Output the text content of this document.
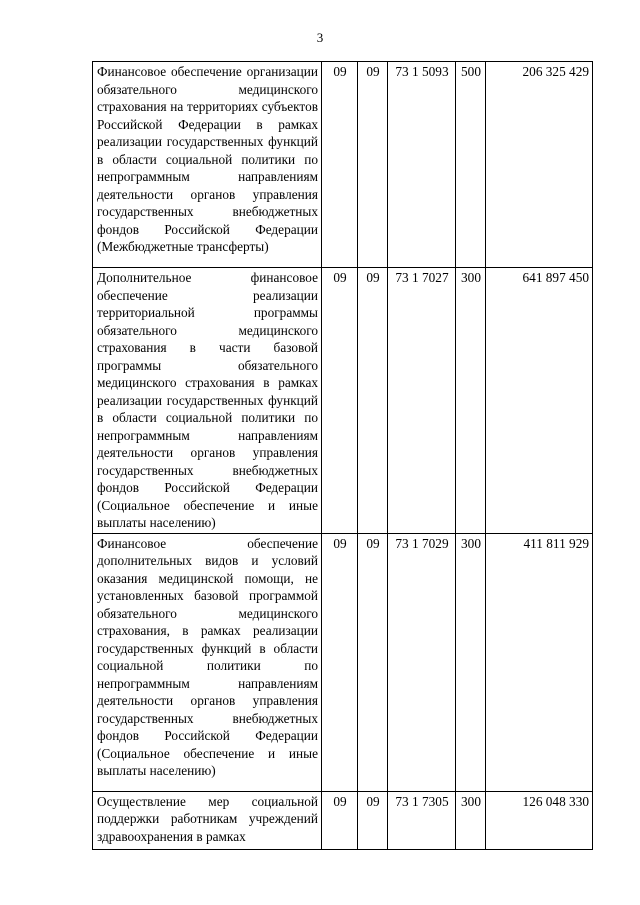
3
Финансовое обеспечение организации обязательного медицинского страхования на территориях субъектов Российской Федерации в рамках реализации государственных функций в области социальной политики по непрограммным направлениям деятельности органов управления государственных внебюджетных фондов Российской Федерации (Межбюджетные трансферты)	09	09	73 1 5093	500	206 325 429
Дополнительное финансовое обеспечение реализации территориальной программы обязательного медицинского страхования в части базовой программы обязательного медицинского страхования в рамках реализации государственных функций в области социальной политики по непрограммным направлениям деятельности органов управления государственных внебюджетных фондов Российской Федерации (Социальное обеспечение и иные выплаты населению)	09	09	73 1 7027	300	641 897 450
Финансовое обеспечение дополнительных видов и условий оказания медицинской помощи, не установленных базовой программой обязательного медицинского страхования, в рамках реализации государственных функций в области социальной политики по непрограммным направлениям деятельности органов управления государственных внебюджетных фондов Российской Федерации (Социальное обеспечение и иные выплаты населению)	09	09	73 1 7029	300	411 811 929
Осуществление мер социальной поддержки работникам учреждений здравоохранения в рамках	09	09	73 1 7305	300	126 048 330
